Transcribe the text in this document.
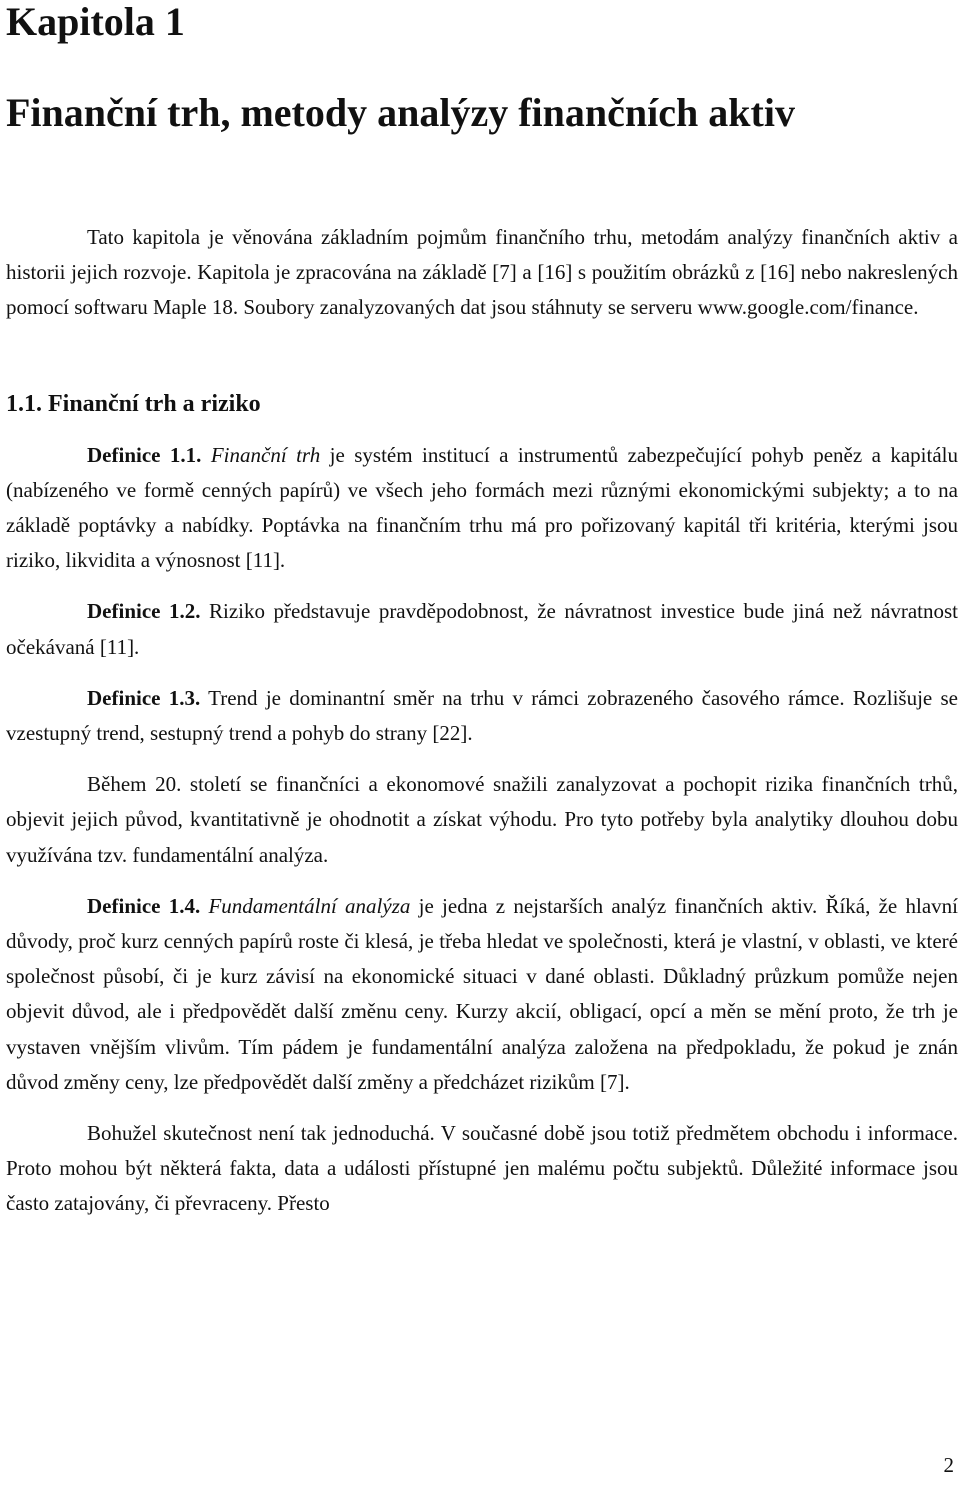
Kapitola 1
Finanční trh, metody analýzy finančních aktiv

Tato kapitola je věnována základním pojmům finančního trhu, metodám analýzy finančních aktiv a historii jejich rozvoje. Kapitola je zpracována na základě [7] a [16] s použitím obrázků z [16] nebo nakreslených pomocí softwaru Maple 18. Soubory zanalyzovaných dat jsou stáhnuty se serveru www.google.com/finance.

1.1. Finanční trh a riziko

Definice 1.1. Finanční trh je systém institucí a instrumentů zabezpečující pohyb peněz a kapitálu (nabízeného ve formě cenných papírů) ve všech jeho formách mezi různými ekonomickými subjekty; a to na základě poptávky a nabídky. Poptávka na finančním trhu má pro pořizovaný kapitál tři kritéria, kterými jsou riziko, likvidita a výnosnost [11].

Definice 1.2. Riziko představuje pravděpodobnost, že návratnost investice bude jiná než návratnost očekávaná [11].

Definice 1.3. Trend je dominantní směr na trhu v rámci zobrazeného časového rámce. Rozlišuje se vzestupný trend, sestupný trend a pohyb do strany [22].

Během 20. století se finančníci a ekonomové snažili zanalyzovat a pochopit rizika finančních trhů, objevit jejich původ, kvantitativně je ohodnotit a získat výhodu. Pro tyto potřeby byla analytiky dlouhou dobu využívána tzv. fundamentální analýza.

Definice 1.4. Fundamentální analýza je jedna z nejstarších analýz finančních aktiv. Říká, že hlavní důvody, proč kurz cenných papírů roste či klesá, je třeba hledat ve společnosti, která je vlastní, v oblasti, ve které společnost působí, či je kurz závisí na ekonomické situaci v dané oblasti. Důkladný průzkum pomůže nejen objevit důvod, ale i předpovědět další změnu ceny. Kurzy akcií, obligací, opcí a měn se mění proto, že trh je vystaven vnějším vlivům. Tím pádem je fundamentální analýza založena na předpokladu, že pokud je znán důvod změny ceny, lze předpovědět další změny a předcházet rizikům [7].

Bohužel skutečnost není tak jednoduchá. V současné době jsou totiž předmětem obchodu i informace. Proto mohou být některá fakta, data a události přístupné jen malému počtu subjektů. Důležité informace jsou často zatajovány, či převraceny. Přesto

2
